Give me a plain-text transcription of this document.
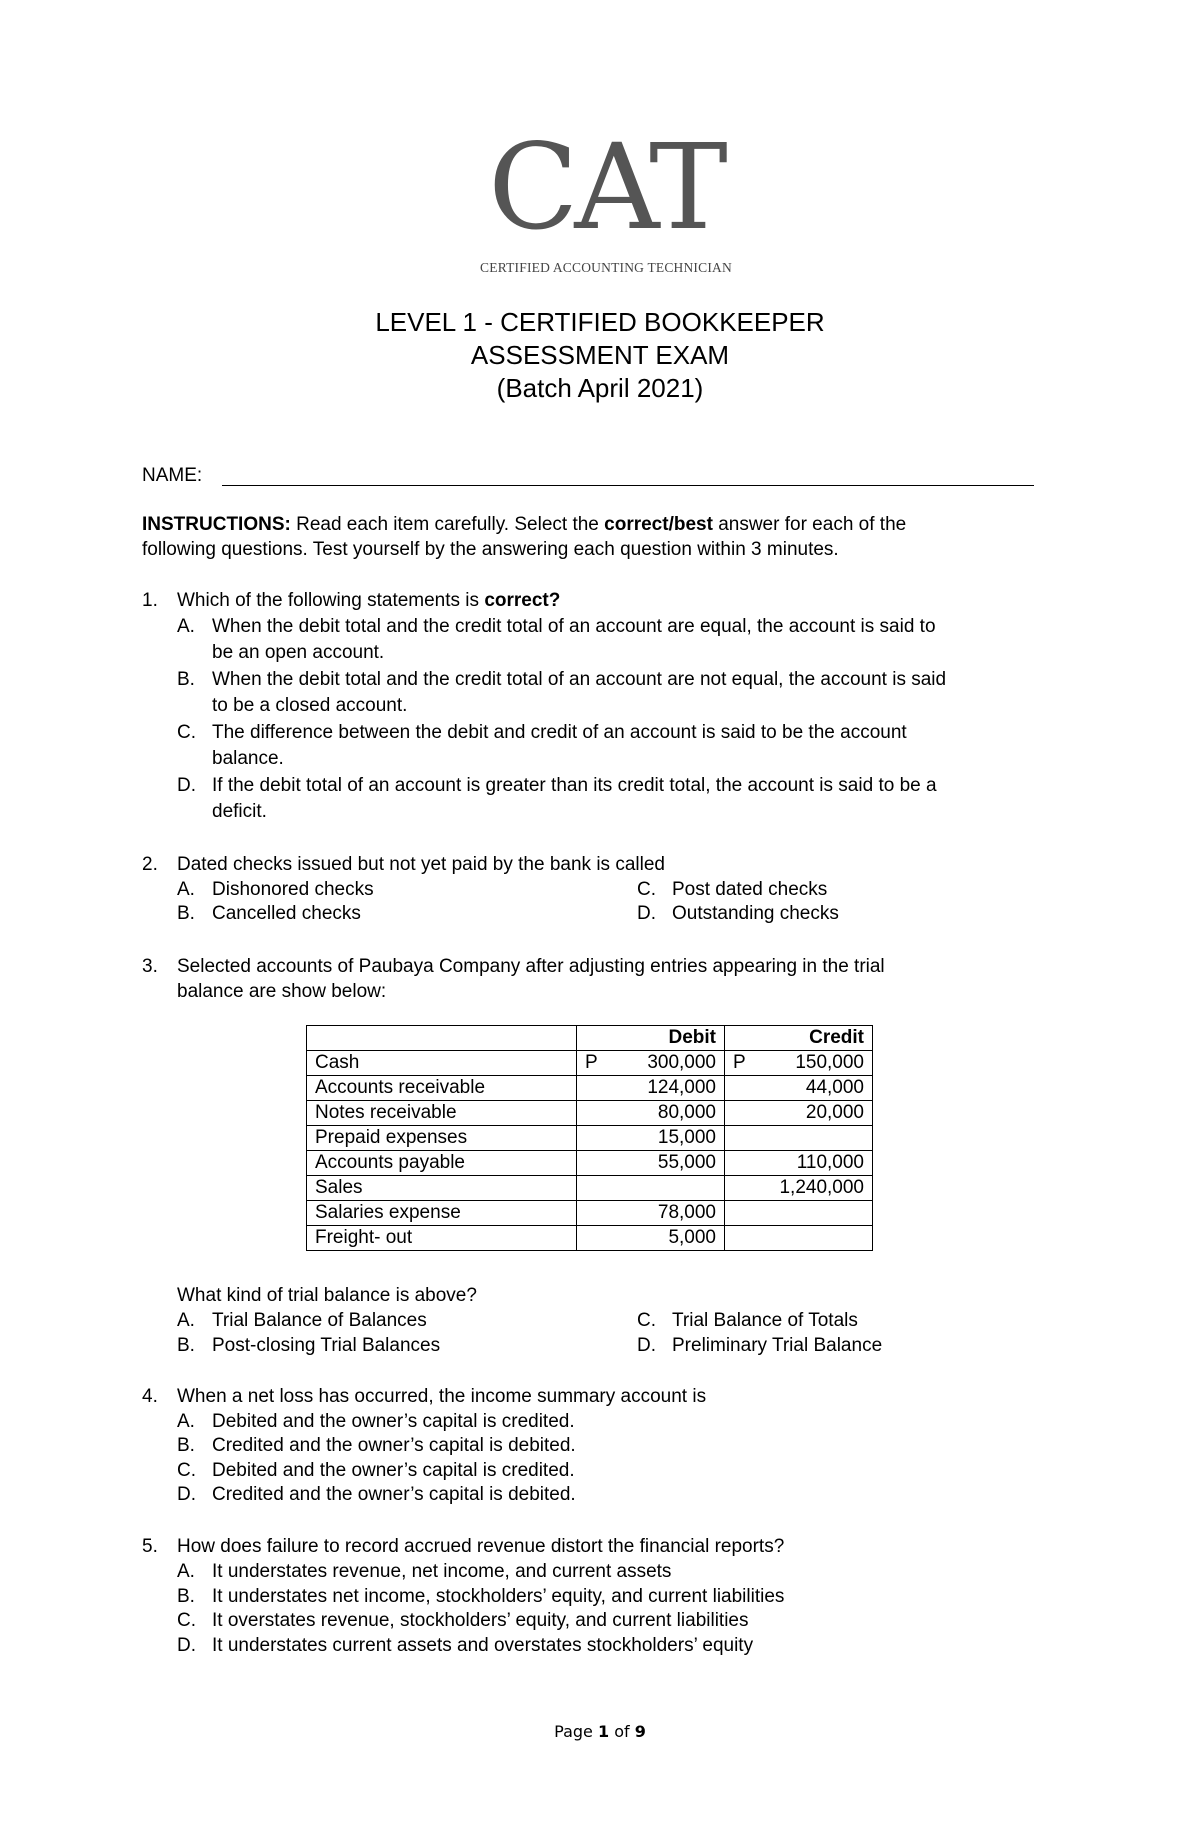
CAT
CERTIFIED ACCOUNTING TECHNICIAN
LEVEL 1 - CERTIFIED BOOKKEEPER
ASSESSMENT EXAM
(Batch April 2021)
NAME:
INSTRUCTIONS: Read each item carefully. Select the correct/best answer for each of the
following questions. Test yourself by the answering each question within 3 minutes.
1. Which of the following statements is correct?
A. When the debit total and the credit total of an account are equal, the account is said to
be an open account.
B. When the debit total and the credit total of an account are not equal, the account is said
to be a closed account.
C. The difference between the debit and credit of an account is said to be the account
balance.
D. If the debit total of an account is greater than its credit total, the account is said to be a
deficit.
2. Dated checks issued but not yet paid by the bank is called
A. Dishonored checks
B. Cancelled checks
C. Post dated checks
D. Outstanding checks
3. Selected accounts of Paubaya Company after adjusting entries appearing in the trial
balance are show below:
	Debit	Credit
Cash	P 300,000	P 150,000
Accounts receivable	124,000	44,000
Notes receivable	80,000	20,000
Prepaid expenses	15,000	
Accounts payable	55,000	110,000
Sales		1,240,000
Salaries expense	78,000	
Freight- out	5,000	
What kind of trial balance is above?
A. Trial Balance of Balances
B. Post-closing Trial Balances
C. Trial Balance of Totals
D. Preliminary Trial Balance
4. When a net loss has occurred, the income summary account is
A. Debited and the owner’s capital is credited.
B. Credited and the owner’s capital is debited.
C. Debited and the owner’s capital is credited.
D. Credited and the owner’s capital is debited.
5. How does failure to record accrued revenue distort the financial reports?
A. It understates revenue, net income, and current assets
B. It understates net income, stockholders’ equity, and current liabilities
C. It overstates revenue, stockholders’ equity, and current liabilities
D. It understates current assets and overstates stockholders’ equity
Page 1 of 9
